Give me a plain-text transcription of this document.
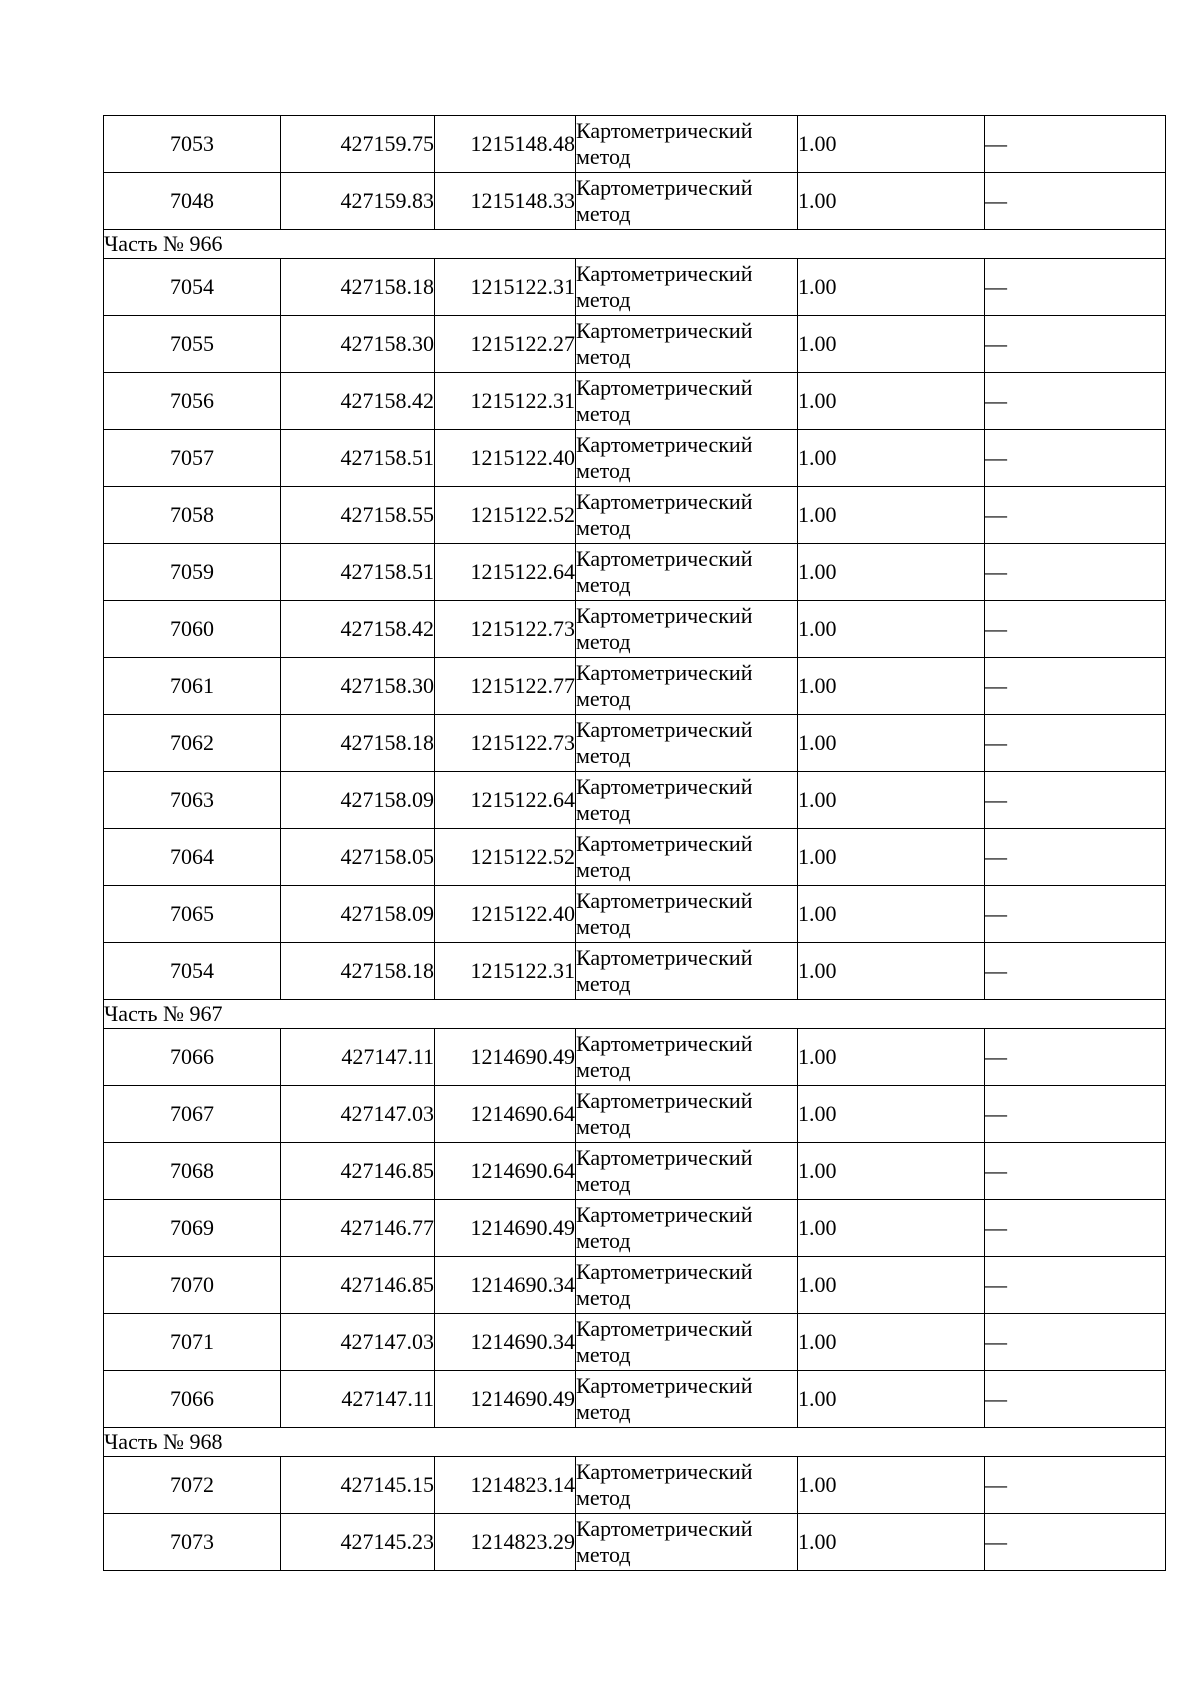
7053	427159.75	1215148.48	Картометрический
метод	1.00	—
7048	427159.83	1215148.33	Картометрический
метод	1.00	—
Часть № 966					
7054	427158.18	1215122.31	Картометрический
метод	1.00	—
7055	427158.30	1215122.27	Картометрический
метод	1.00	—
7056	427158.42	1215122.31	Картометрический
метод	1.00	—
7057	427158.51	1215122.40	Картометрический
метод	1.00	—
7058	427158.55	1215122.52	Картометрический
метод	1.00	—
7059	427158.51	1215122.64	Картометрический
метод	1.00	—
7060	427158.42	1215122.73	Картометрический
метод	1.00	—
7061	427158.30	1215122.77	Картометрический
метод	1.00	—
7062	427158.18	1215122.73	Картометрический
метод	1.00	—
7063	427158.09	1215122.64	Картометрический
метод	1.00	—
7064	427158.05	1215122.52	Картометрический
метод	1.00	—
7065	427158.09	1215122.40	Картометрический
метод	1.00	—
7054	427158.18	1215122.31	Картометрический
метод	1.00	—
Часть № 967					
7066	427147.11	1214690.49	Картометрический
метод	1.00	—
7067	427147.03	1214690.64	Картометрический
метод	1.00	—
7068	427146.85	1214690.64	Картометрический
метод	1.00	—
7069	427146.77	1214690.49	Картометрический
метод	1.00	—
7070	427146.85	1214690.34	Картометрический
метод	1.00	—
7071	427147.03	1214690.34	Картометрический
метод	1.00	—
7066	427147.11	1214690.49	Картометрический
метод	1.00	—
Часть № 968					
7072	427145.15	1214823.14	Картометрический
метод	1.00	—
7073	427145.23	1214823.29	Картометрический
метод	1.00	—
